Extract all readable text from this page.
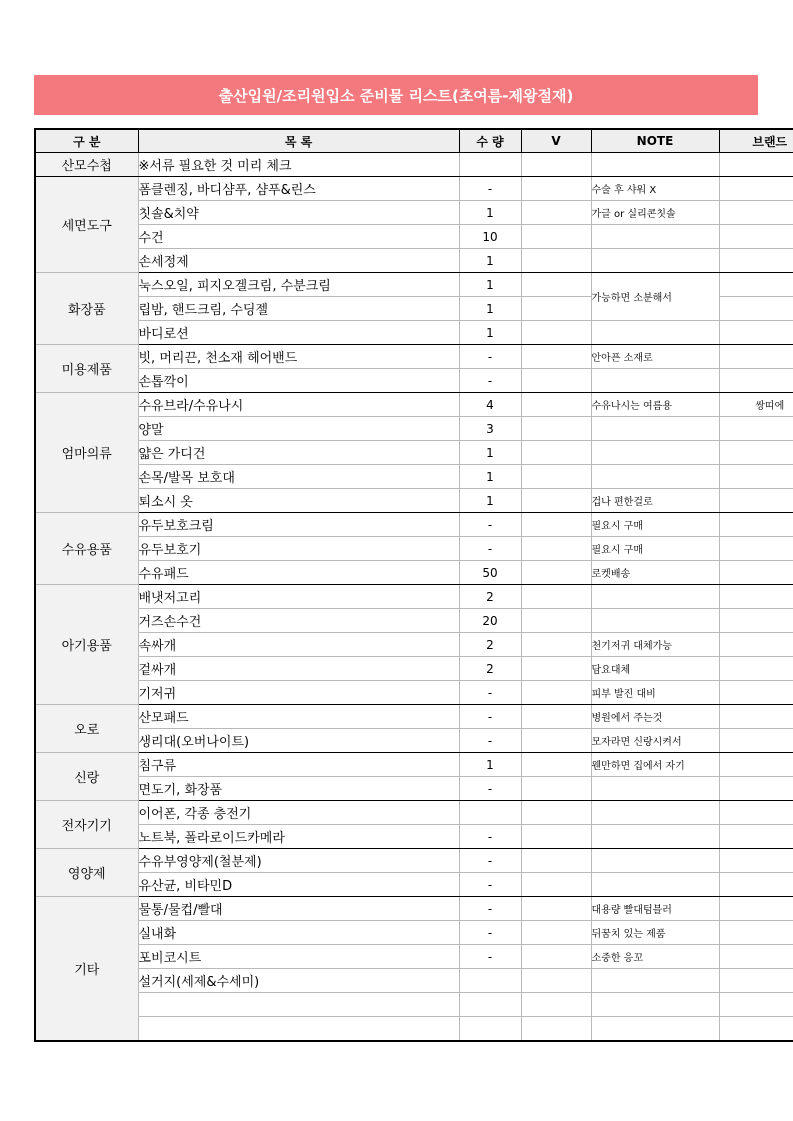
출산입원/조리원입소 준비물 리스트(초여름-제왕절재)
구 분	목 록	수 량	V	NOTE	브랜드
산모수첩	※서류 필요한 것 미리 체크				
세면도구	폼클렌징, 바디샴푸, 샴푸&린스	-		수술 후 샤워 X	
	칫솔&치약	1		가글 or 실리콘칫솔	
	수건	10			
	손세정제	1			
화장품	눅스오일, 피지오겔크림, 수분크림	1		가능하면 소분해서	
	립밤, 핸드크림, 수딩젤	1			
	바디로션	1			
미용제품	빗, 머리끈, 천소재 헤어밴드	-		안아픈 소재로	
	손톱깍이	-			
엄마의류	수유브라/수유나시	4		수유나시는 여름용	쌍띠에
	양말	3			
	얇은 가디건	1			
	손목/발목 보호대	1			
	퇴소시 옷	1		겁나 편한걸로	
수유용품	유두보호크림	-		필요시 구매	
	유두보호기	-		필요시 구매	
	수유패드	50		로켓배송	
아기용품	배냇저고리	2			
	거즈손수건	20			
	속싸개	2		천기저귀 대체가능	
	겉싸개	2		담요대체	
	기저귀	-		피부 발진 대비	
오로	산모패드	-		병원에서 주는것	
	생리대(오버나이트)	-		모자라면 신랑시켜서	
신랑	침구류	1		웬만하면 집에서 자기	
	면도기, 화장품	-			
전자기기	이어폰, 각종 충전기				
	노트북, 폴라로이드카메라	-			
영양제	수유부영양제(철분제)	-			
	유산균, 비타민D	-			
기타	물통/물컵/빨대	-		대용량 빨대텀블러	
	실내화	-		뒤꿈치 있는 제품	
	포비코시트	-		소중한 응꼬	
	설거지(세제&수세미)				
